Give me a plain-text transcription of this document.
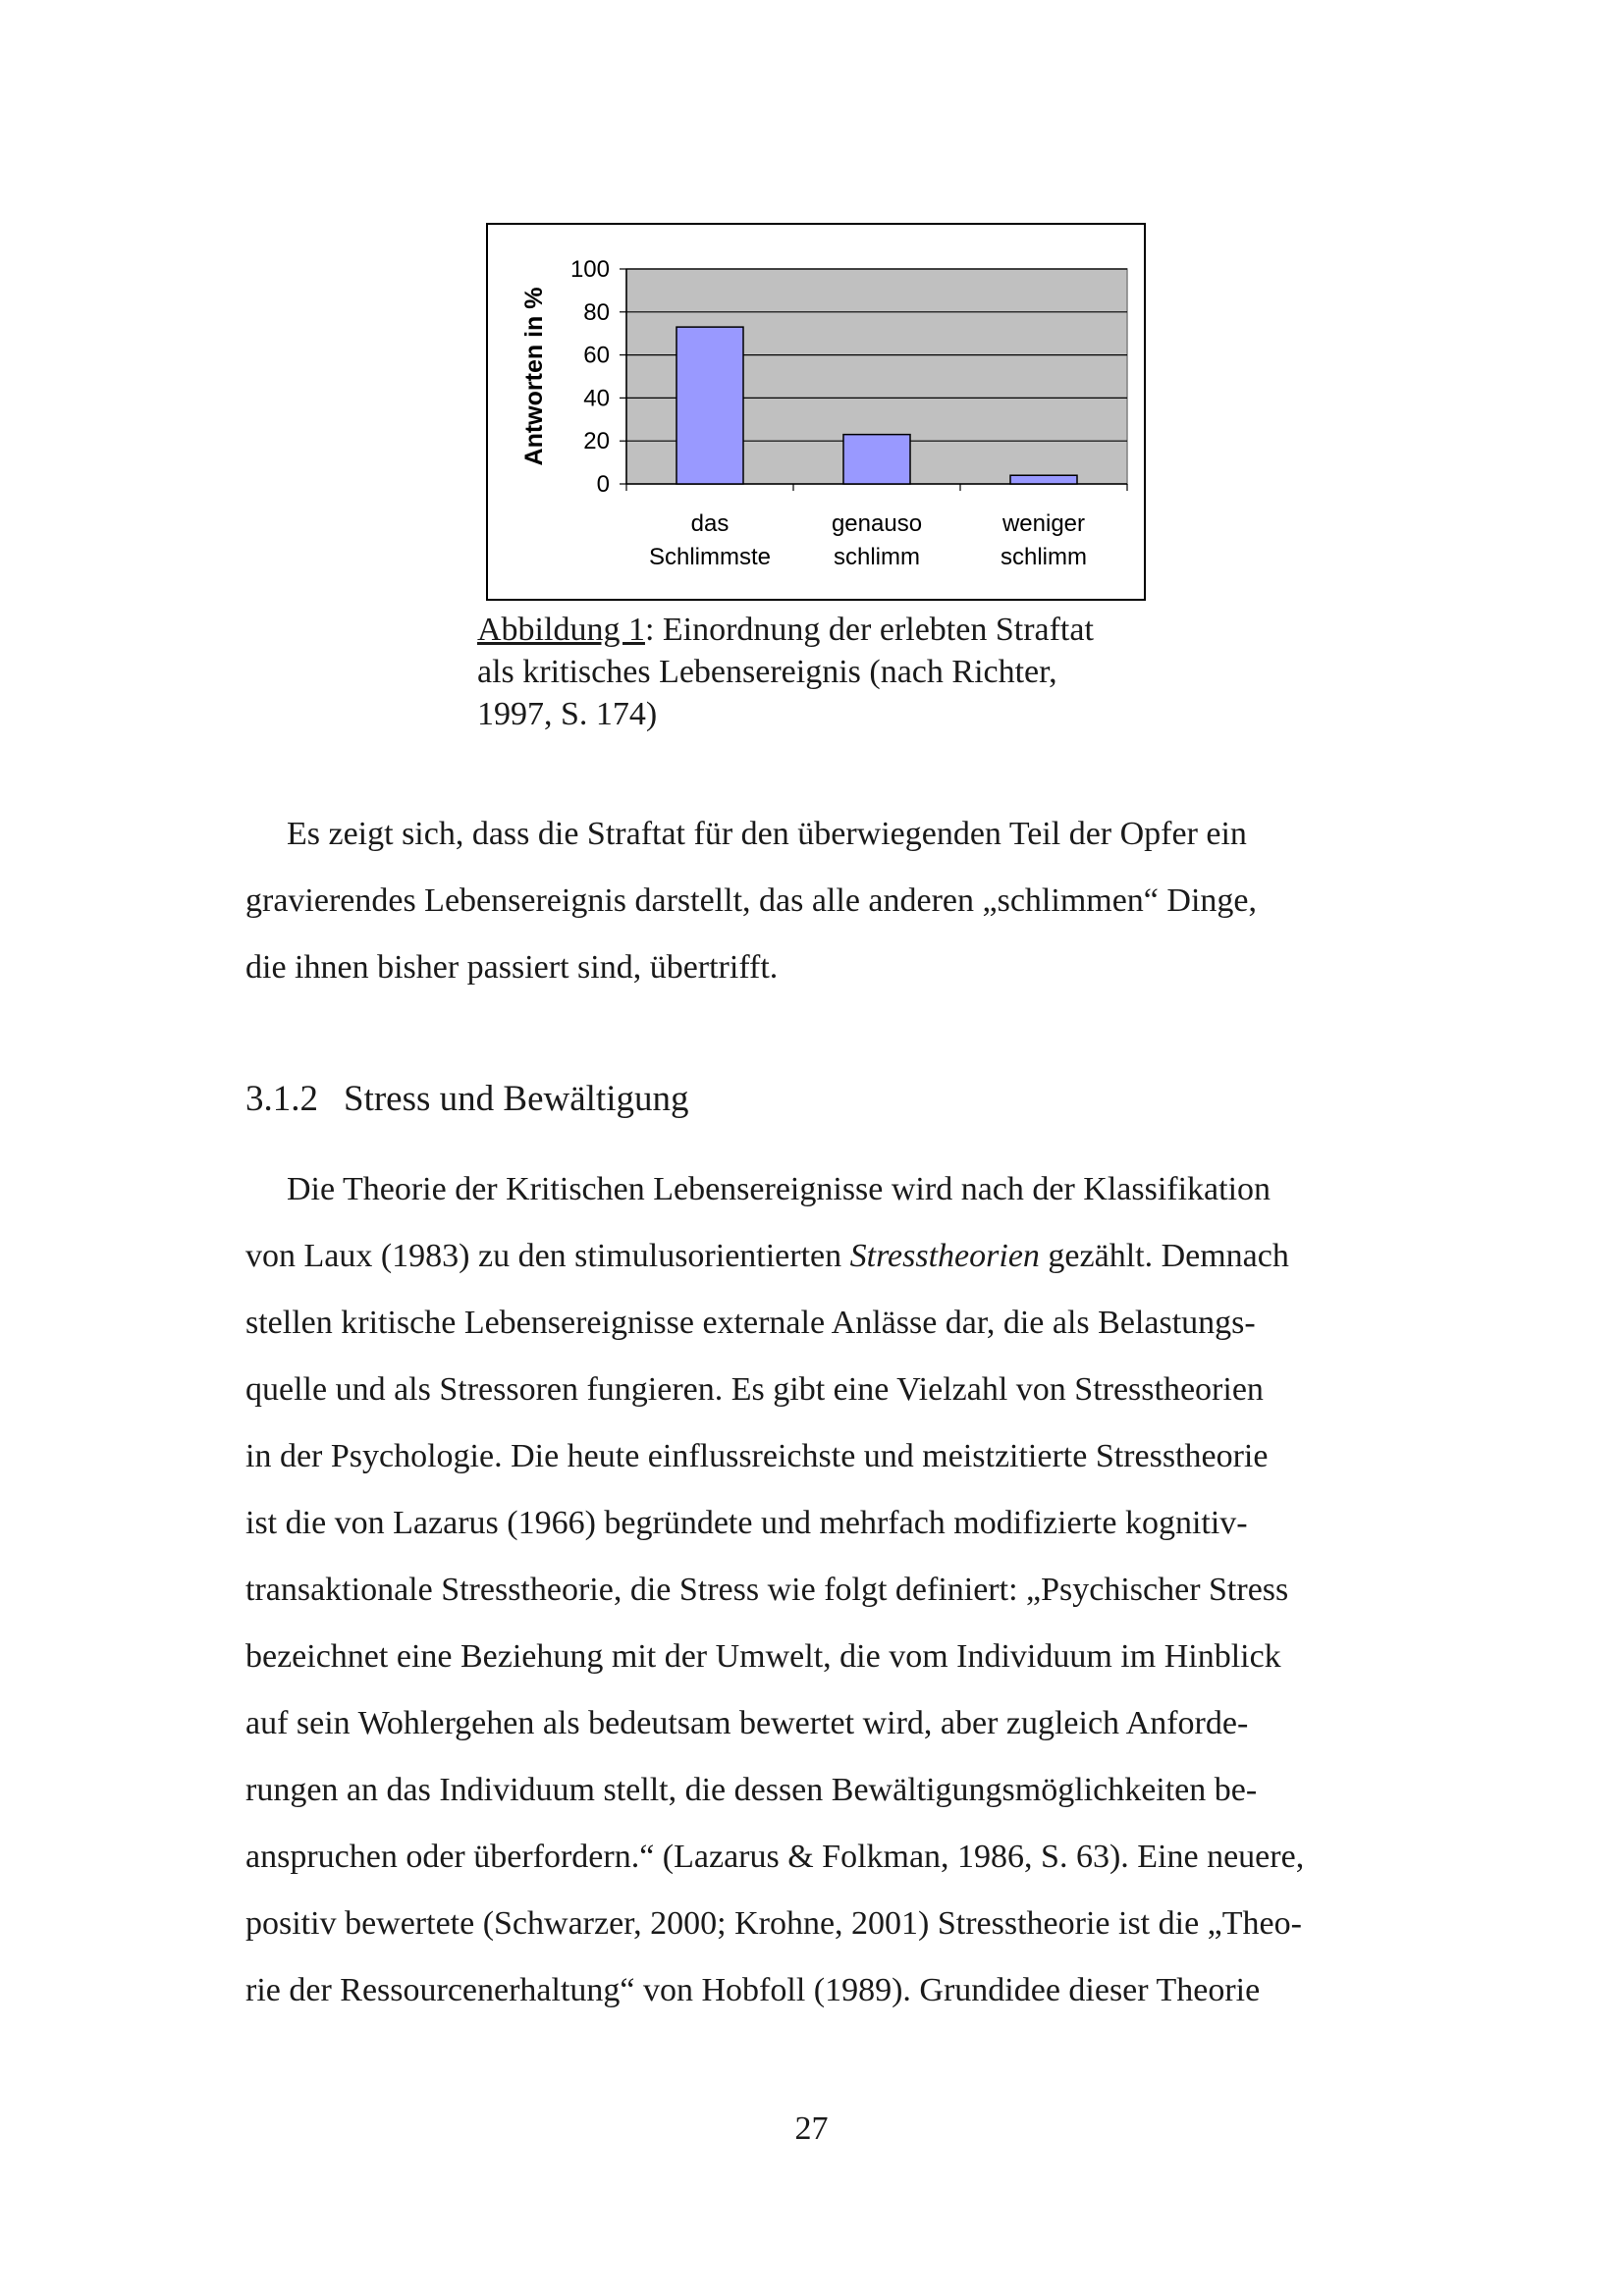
100
80
60
40
20
0
das
Schlimmste
genauso
schlimm
weniger
schlimm
Antworten in %
Abbildung 1: Einordnung der erlebten Straftat
als kritisches Lebensereignis (nach Richter,
1997, S. 174)
Es zeigt sich, dass die Straftat für den überwiegenden Teil der Opfer ein
gravierendes Lebensereignis darstellt, das alle anderen „schlimmen“ Dinge,
die ihnen bisher passiert sind, übertrifft.
3.1.2 Stress und Bewältigung
Die Theorie der Kritischen Lebensereignisse wird nach der Klassifikation
von Laux (1983) zu den stimulusorientierten Stresstheorien gezählt. Demnach
stellen kritische Lebensereignisse externale Anlässe dar, die als Belastungs-
quelle und als Stressoren fungieren. Es gibt eine Vielzahl von Stresstheorien
in der Psychologie. Die heute einflussreichste und meistzitierte Stresstheorie
ist die von Lazarus (1966) begründete und mehrfach modifizierte kognitiv-
transaktionale Stresstheorie, die Stress wie folgt definiert: „Psychischer Stress
bezeichnet eine Beziehung mit der Umwelt, die vom Individuum im Hinblick
auf sein Wohlergehen als bedeutsam bewertet wird, aber zugleich Anforde-
rungen an das Individuum stellt, die dessen Bewältigungsmöglichkeiten be-
anspruchen oder überfordern.“ (Lazarus & Folkman, 1986, S. 63). Eine neuere,
positiv bewertete (Schwarzer, 2000; Krohne, 2001) Stresstheorie ist die „Theo-
rie der Ressourcenerhaltung“ von Hobfoll (1989). Grundidee dieser Theorie
27
